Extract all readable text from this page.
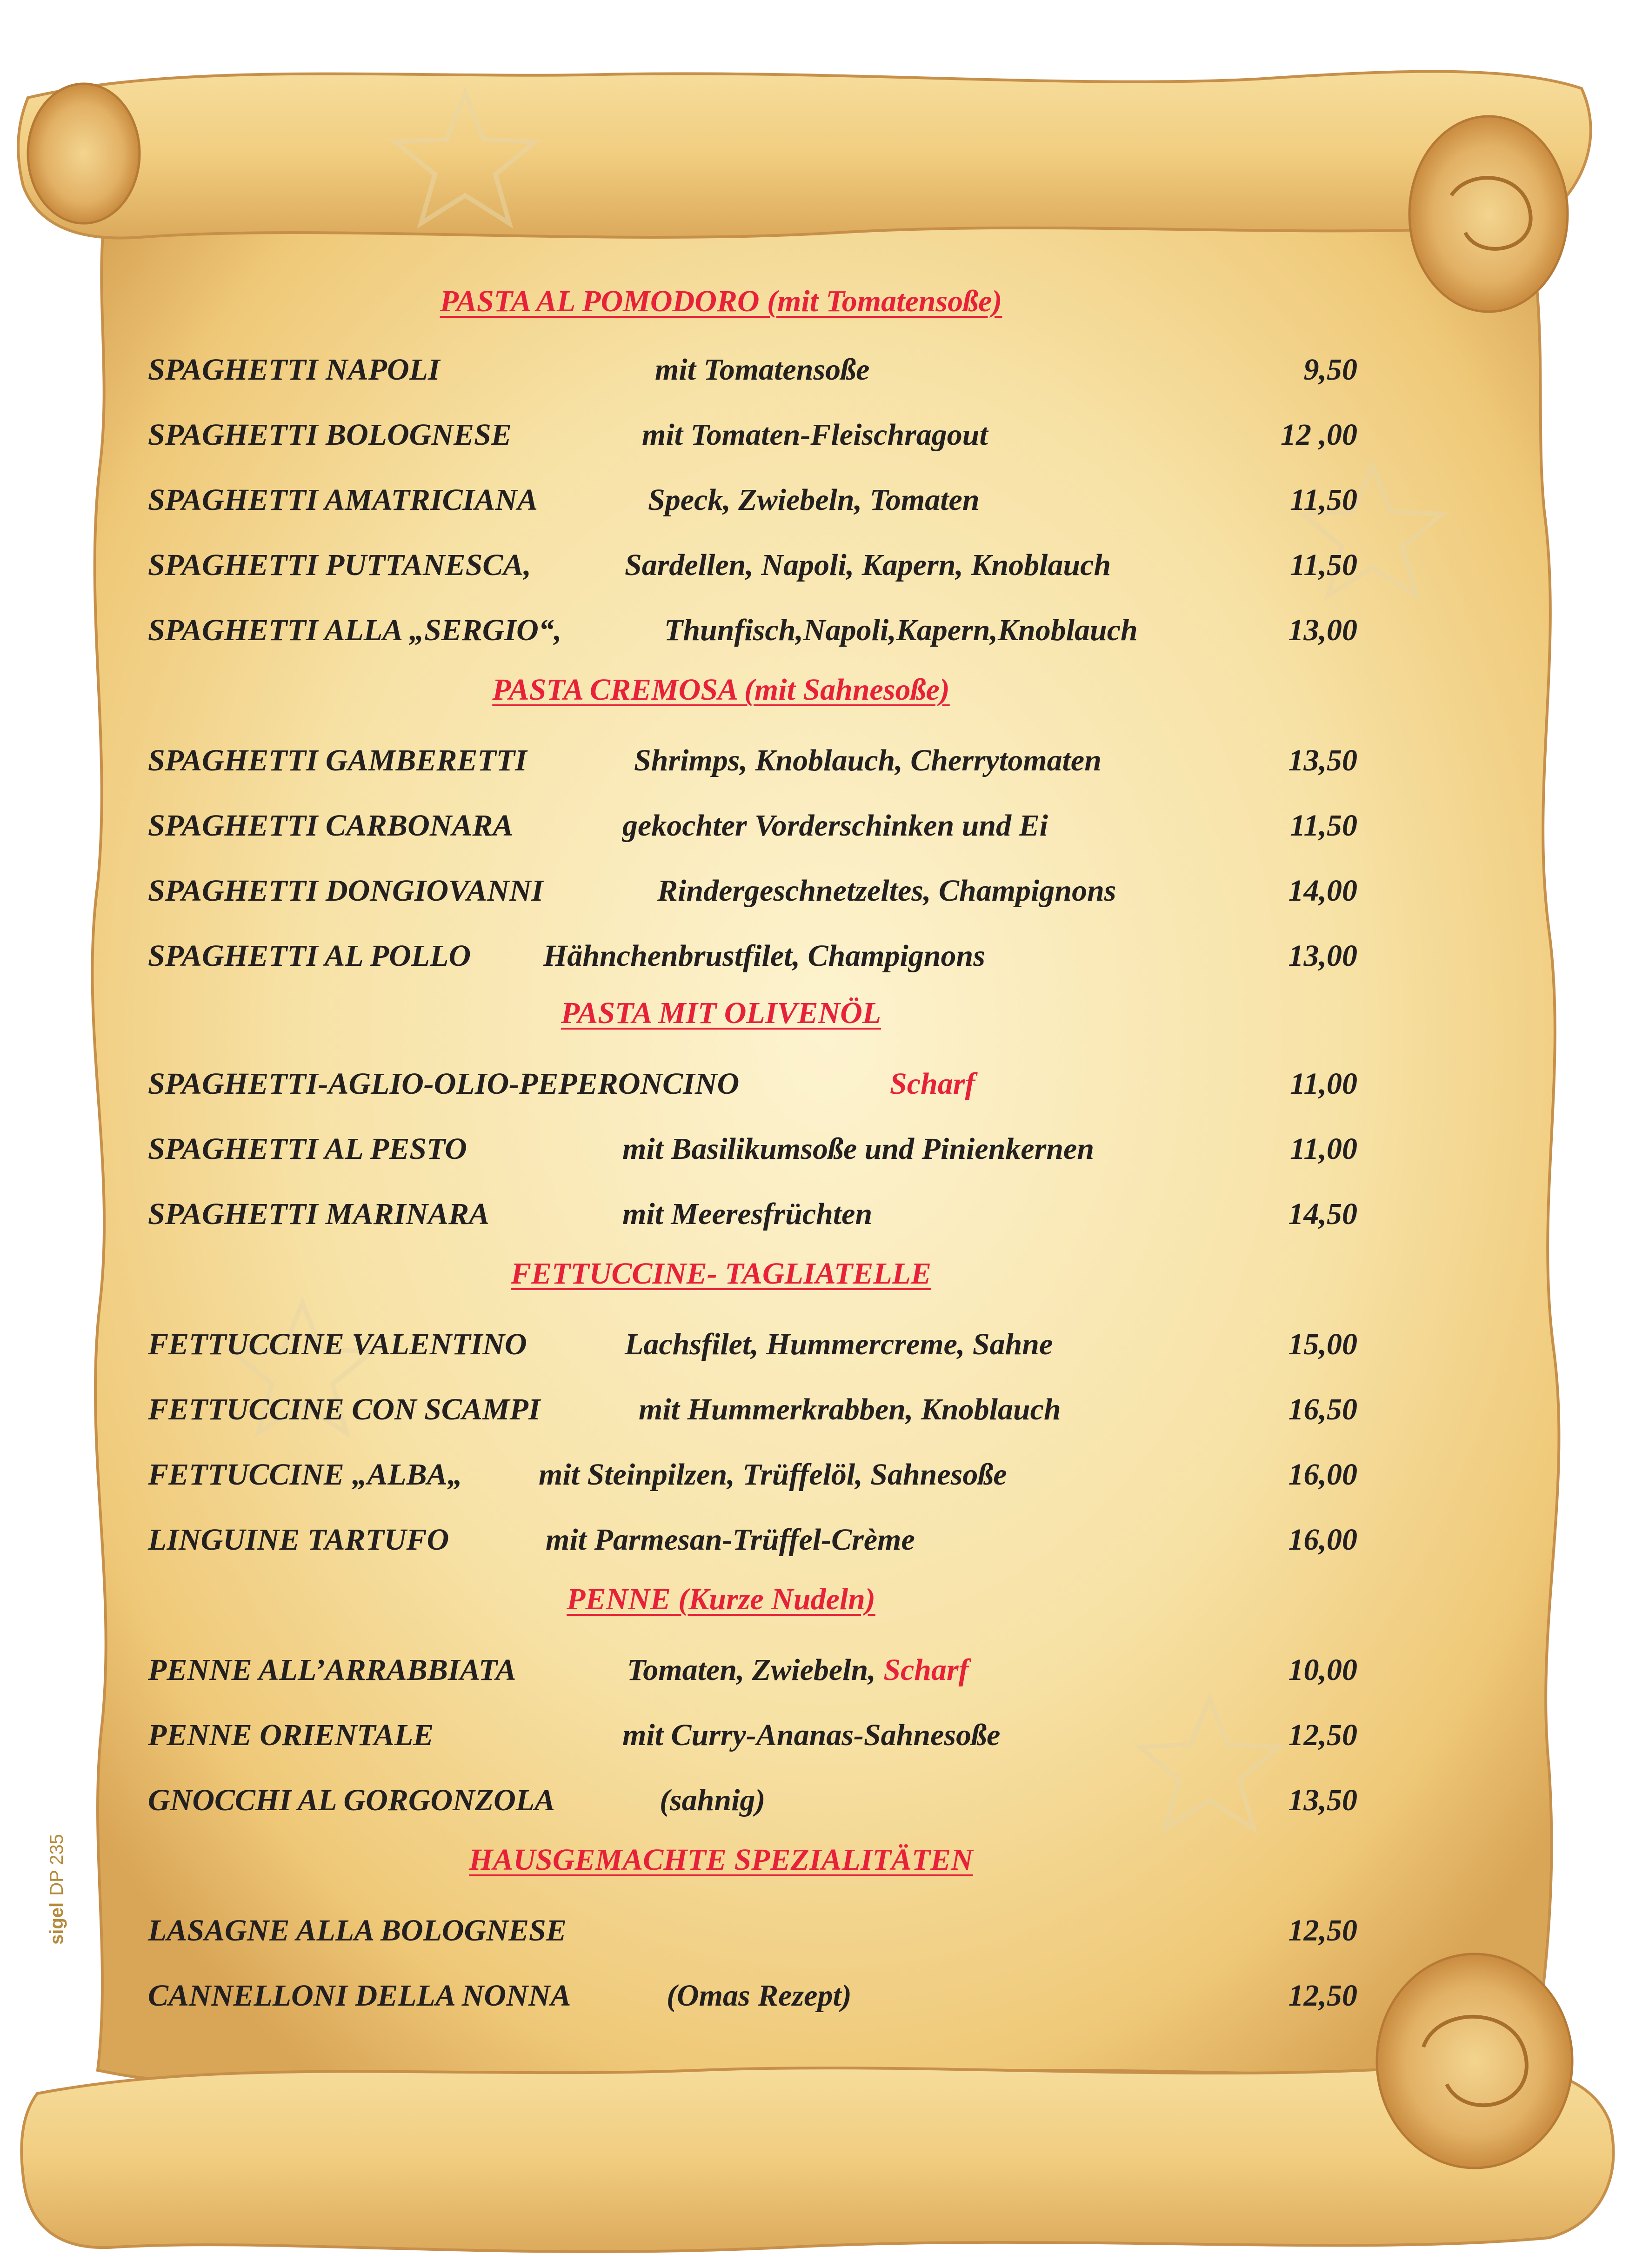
PASTA AL POMODORO (mit Tomatensoße)
SPAGHETTI NAPOLI	mit Tomatensoße	9,50
SPAGHETTI BOLOGNESE	mit Tomaten-Fleischragout	12 ,00
SPAGHETTI AMATRICIANA	Speck, Zwiebeln, Tomaten	11,50
SPAGHETTI PUTTANESCA,	Sardellen, Napoli, Kapern, Knoblauch	11,50
SPAGHETTI ALLA „SERGIO“,	Thunfisch,Napoli,Kapern,Knoblauch	13,00
PASTA CREMOSA (mit Sahnesoße)
SPAGHETTI GAMBERETTI	Shrimps, Knoblauch, Cherrytomaten	13,50
SPAGHETTI CARBONARA	gekochter Vorderschinken und Ei	11,50
SPAGHETTI DONGIOVANNI	Rindergeschnetzeltes, Champignons	14,00
SPAGHETTI AL POLLO Hähnchenbrustfilet, Champignons	13,00
PASTA MIT OLIVENÖL
SPAGHETTI-AGLIO-OLIO-PEPERONCINO	Scharf	11,00
SPAGHETTI AL PESTO	mit Basilikumsoße und Pinienkernen	11,00
SPAGHETTI MARINARA	mit Meeresfrüchten	14,50
FETTUCCINE- TAGLIATELLE
FETTUCCINE VALENTINO	Lachsfilet, Hummercreme, Sahne	15,00
FETTUCCINE CON SCAMPI	mit Hummerkrabben, Knoblauch	16,50
FETTUCCINE „ALBA„ mit Steinpilzen, Trüffelöl, Sahnesoße	16,00
LINGUINE TARTUFO	mit Parmesan-Trüffel-Crème	16,00
PENNE (Kurze Nudeln)
PENNE ALL’ARRABBIATA	Tomaten, Zwiebeln, Scharf	10,00
PENNE ORIENTALE	mit Curry-Ananas-Sahnesoße	12,50
GNOCCHI AL GORGONZOLA	(sahnig)	13,50
HAUSGEMACHTE SPEZIALITÄTEN
LASAGNE ALLA BOLOGNESE	12,50
CANNELLONI DELLA NONNA	(Omas Rezept)	12,50
sigelDP 235
